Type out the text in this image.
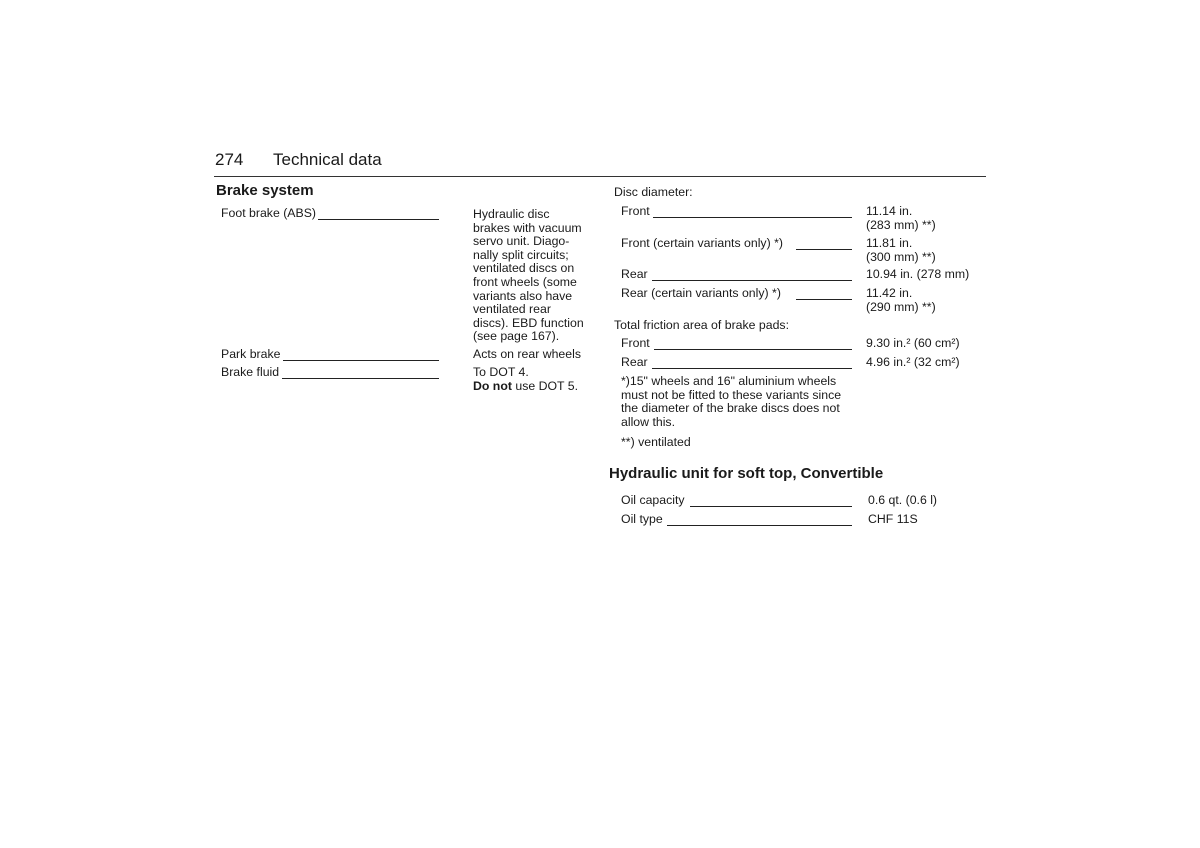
274 Technical data
Brake system
Foot brake (ABS)	Hydraulic disc
brakes with vacuum
servo unit. Diago-
nally split circuits;
ventilated discs on
front wheels (some
variants also have
ventilated rear
discs). EBD function
(see page 167).
Park brake	Acts on rear wheels
Brake fluid	To DOT 4.
Do not use DOT 5.
Disc diameter:
Front	11.14 in.
(283 mm) **)
Front (certain variants only) *)	11.81 in.
(300 mm) **)
Rear	10.94 in. (278 mm)
Rear (certain variants only) *)	11.42 in.
(290 mm) **)
Total friction area of brake pads:
Front	9.30 in.² (60 cm²)
Rear	4.96 in.² (32 cm²)
*)15" wheels and 16" aluminium wheels
must not be fitted to these variants since
the diameter of the brake discs does not
allow this.
**) ventilated
Hydraulic unit for soft top, Convertible
Oil capacity	0.6 qt. (0.6 l)
Oil type	CHF 11S
